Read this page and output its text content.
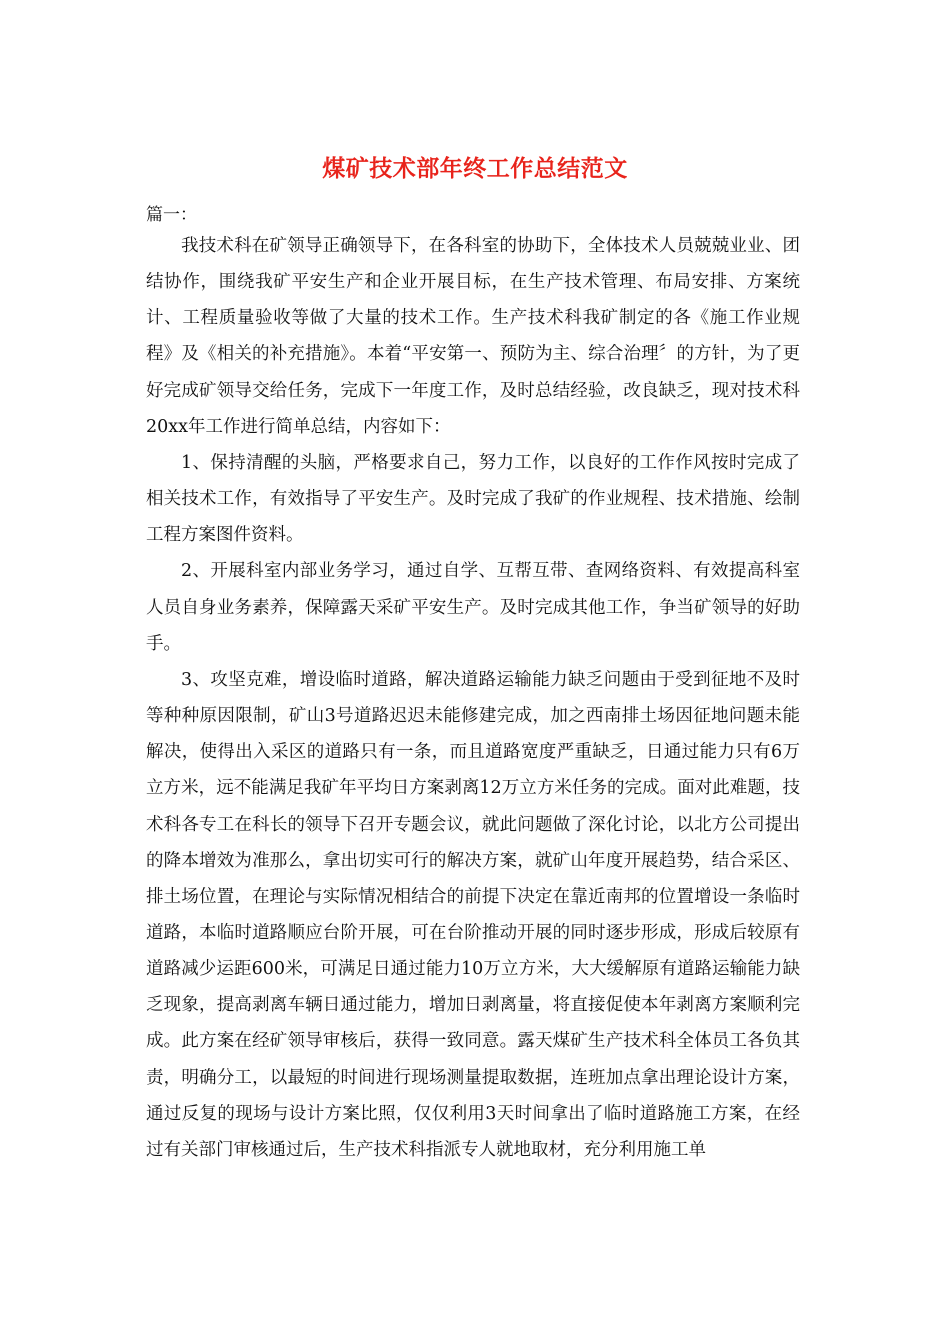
煤矿技术部年终工作总结范文

篇一：

我技术科在矿领导正确领导下，在各科室的协助下，全体技术人员兢兢业业、团结协作，围绕我矿平安生产和企业开展目标，在生产技术管理、布局安排、方案统计、工程质量验收等做了大量的技术工作。生产技术科我矿制定的各《施工作业规程》及《相关的补充措施》。本着“平安第一、预防为主、综合治理〞的方针，为了更好完成矿领导交给任务，完成下一年度工作，及时总结经验，改良缺乏，现对技术科20xx年工作进行简单总结，内容如下：

1、保持清醒的头脑，严格要求自己，努力工作，以良好的工作作风按时完成了相关技术工作，有效指导了平安生产。及时完成了我矿的作业规程、技术措施、绘制工程方案图件资料。

2、开展科室内部业务学习，通过自学、互帮互带、查网络资料、有效提高科室人员自身业务素养，保障露天采矿平安生产。及时完成其他工作，争当矿领导的好助手。

3、攻坚克难，增设临时道路，解决道路运输能力缺乏问题由于受到征地不及时等种种原因限制，矿山3号道路迟迟未能修建完成，加之西南排土场因征地问题未能解决，使得出入采区的道路只有一条，而且道路宽度严重缺乏，日通过能力只有6万立方米，远不能满足我矿年平均日方案剥离12万立方米任务的完成。面对此难题，技术科各专工在科长的领导下召开专题会议，就此问题做了深化讨论，以北方公司提出的降本增效为准那么，拿出切实可行的解决方案，就矿山年度开展趋势，结合采区、排土场位置，在理论与实际情况相结合的前提下决定在靠近南邦的位置增设一条临时道路，本临时道路顺应台阶开展，可在台阶推动开展的同时逐步形成，形成后较原有道路减少运距600米，可满足日通过能力10万立方米，大大缓解原有道路运输能力缺乏现象，提高剥离车辆日通过能力，增加日剥离量，将直接促使本年剥离方案顺利完成。此方案在经矿领导审核后，获得一致同意。露天煤矿生产技术科全体员工各负其责，明确分工，以最短的时间进行现场测量提取数据，连班加点拿出理论设计方案，通过反复的现场与设计方案比照，仅仅利用3天时间拿出了临时道路施工方案，在经过有关部门审核通过后，生产技术科指派专人就地取材，充分利用施工单
